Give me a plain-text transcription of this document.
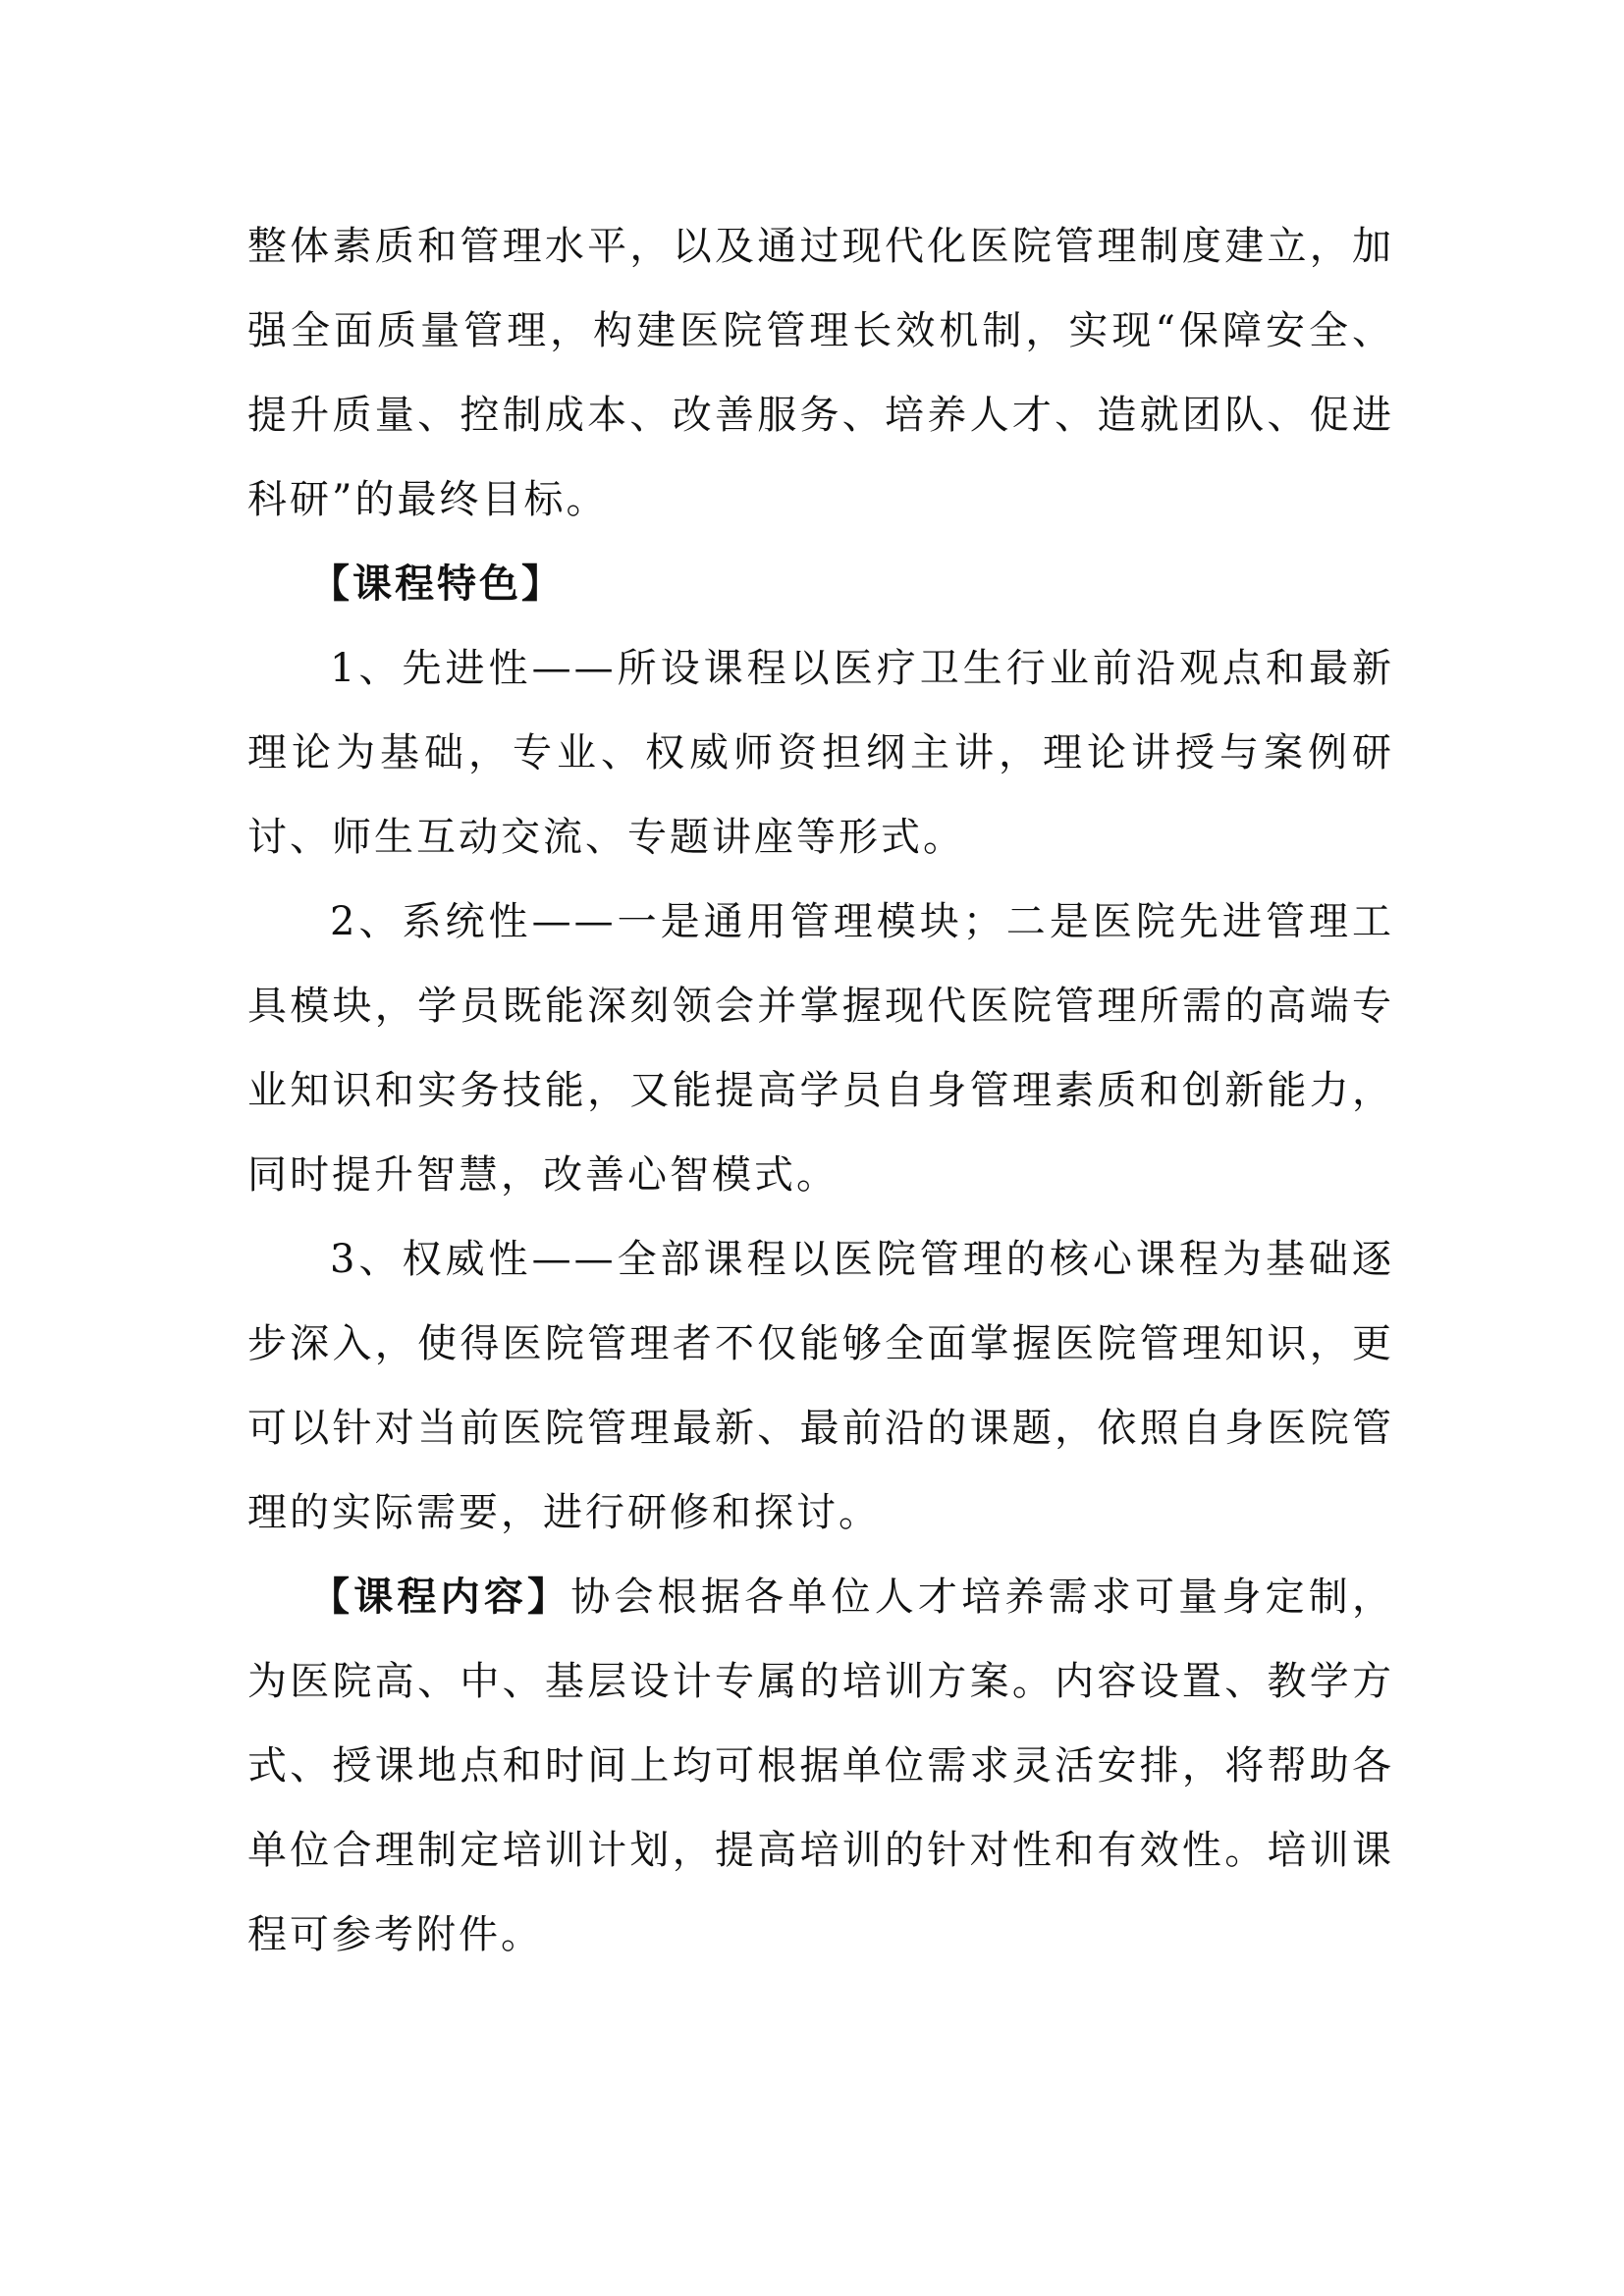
整体素质和管理水平，以及通过现代化医院管理制度建立，加强全面质量管理，构建医院管理长效机制，实现“保障安全、提升质量、控制成本、改善服务、培养人才、造就团队、促进科研”的最终目标。

【课程特色】

1、先进性——所设课程以医疗卫生行业前沿观点和最新理论为基础，专业、权威师资担纲主讲，理论讲授与案例研讨、师生互动交流、专题讲座等形式。

2、系统性——一是通用管理模块；二是医院先进管理工具模块，学员既能深刻领会并掌握现代医院管理所需的高端专业知识和实务技能，又能提高学员自身管理素质和创新能力，同时提升智慧，改善心智模式。

3、权威性——全部课程以医院管理的核心课程为基础逐步深入，使得医院管理者不仅能够全面掌握医院管理知识，更可以针对当前医院管理最新、最前沿的课题，依照自身医院管理的实际需要，进行研修和探讨。

【课程内容】协会根据各单位人才培养需求可量身定制，为医院高、中、基层设计专属的培训方案。内容设置、教学方式、授课地点和时间上均可根据单位需求灵活安排，将帮助各单位合理制定培训计划，提高培训的针对性和有效性。培训课程可参考附件。
